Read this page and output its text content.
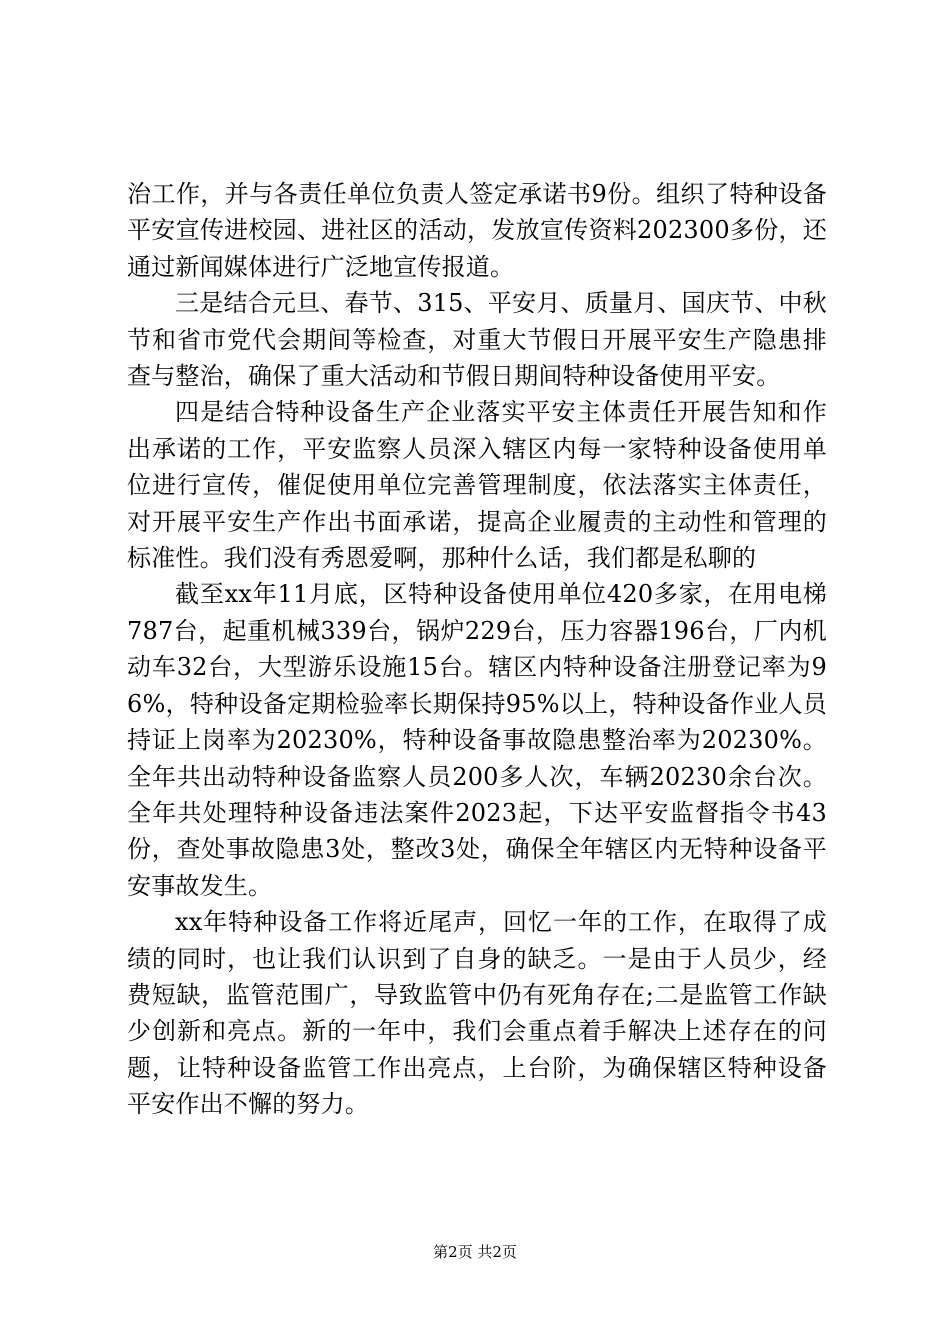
治工作，并与各责任单位负责人签定承诺书9份。组织了特种设备平安宣传进校园、进社区的活动，发放宣传资料202300多份，还通过新闻媒体进行广泛地宣传报道。

三是结合元旦、春节、315、平安月、质量月、国庆节、中秋节和省市党代会期间等检查，对重大节假日开展平安生产隐患排查与整治，确保了重大活动和节假日期间特种设备使用平安。

四是结合特种设备生产企业落实平安主体责任开展告知和作出承诺的工作，平安监察人员深入辖区内每一家特种设备使用单位进行宣传，催促使用单位完善管理制度，依法落实主体责任，对开展平安生产作出书面承诺，提高企业履责的主动性和管理的标准性。我们没有秀恩爱啊，那种什么话，我们都是私聊的

截至xx年11月底，区特种设备使用单位420多家，在用电梯787台，起重机械339台，锅炉229台，压力容器196台，厂内机动车32台，大型游乐设施15台。辖区内特种设备注册登记率为96%，特种设备定期检验率长期保持95%以上，特种设备作业人员持证上岗率为20230%，特种设备事故隐患整治率为20230%。全年共出动特种设备监察人员200多人次，车辆20230余台次。全年共处理特种设备违法案件2023起，下达平安监督指令书43份，查处事故隐患3处，整改3处，确保全年辖区内无特种设备平安事故发生。

xx年特种设备工作将近尾声，回忆一年的工作，在取得了成绩的同时，也让我们认识到了自身的缺乏。一是由于人员少，经费短缺，监管范围广，导致监管中仍有死角存在;二是监管工作缺少创新和亮点。新的一年中，我们会重点着手解决上述存在的问题，让特种设备监管工作出亮点，上台阶，为确保辖区特种设备平安作出不懈的努力。

第2页 共2页
